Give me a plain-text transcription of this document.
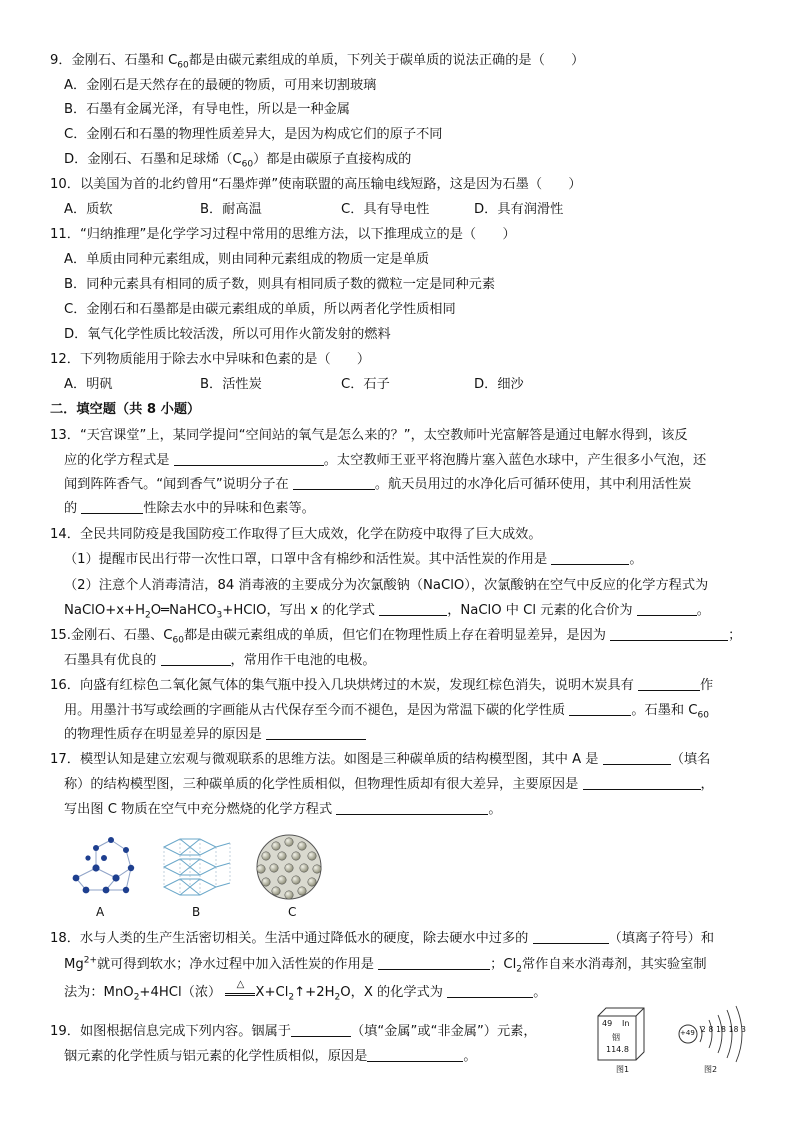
9．金刚石、石墨和 $C_{60}$都是由碳元素组成的单质，下列关于碳单质的说法正确的是（　　）
A．金刚石是天然存在的最硬的物质，可用来切割玻璃
B．石墨有金属光泽，有导电性，所以是一种金属
C．金刚石和石墨的物理性质差异大，是因为构成它们的原子不同
D．金刚石、石墨和足球烯$(C_{60})$都是由碳原子直接构成的
10．以美国为首的北约曾用“石墨炸弹”使南联盟的高压输电线短路，这是因为石墨（　　）
A．质软	B．耐高温	C．具有导电性	D．具有润滑性
11．“归纳推理”是化学学习过程中常用的思维方法，以下推理成立的是（　　）
A．单质由同种元素组成，则由同种元素组成的物质一定是单质
B．同种元素具有相同的质子数，则具有相同质子数的微粒一定是同种元素
C．金刚石和石墨都是由碳元素组成的单质，所以两者化学性质相同
D．氧气化学性质比较活泼，所以可用作火箭发射的燃料
12．下列物质能用于除去水中异味和色素的是（　　）
A．明矾	B．活性炭	C．石子	D．细沙
二．填空题（共 8 小题）
13．“天宫课堂”上，某同学提问“空间站的氧气是怎么来的？”，太空教师叶光富解答是通过电解水得到，该反
应的化学方程式是	。太空教师王亚平将泡腾片塞入蓝色水球中，产生很多小气泡，还
闻到阵阵香气。“闻到香气”说明分子在	。航天员用过的水净化后可循环使用，其中利用活性炭
的	性除去水中的异味和色素等。
14．全民共同防疫是我国防疫工作取得了巨大成效，化学在防疫中取得了巨大成效。
（1）提醒市民出行带一次性口罩，口罩中含有棉纱和活性炭。其中活性炭的作用是	。
（2）注意个人消毒清洁，84 消毒液的主要成分为次氯酸钠（NaClO），次氯酸钠在空气中反应的化学方程式为
$NaClO+x+H_2O═NaHCO_3+HClO$，写出 x 的化学式	，NaClO 中 Cl 元素的化合价为	。
15.金刚石、石墨、$C_{60}$都是由碳元素组成的单质，但它们在物理性质上存在着明显差异，是因为	；
石墨具有优良的	，常用作干电池的电极。
16．向盛有红棕色二氧化氮气体的集气瓶中投入几块烘烤过的木炭，发现红棕色消失，说明木炭具有	作
用。用墨汁书写或绘画的字画能从古代保存至今而不褪色，是因为常温下碳的化学性质	。石墨和 $C_{60}$
的物理性质存在明显差异的原因是
17．模型认知是建立宏观与微观联系的思维方法。如图是三种碳单质的结构模型图，其中 A 是	（填名
称）的结构模型图，三种碳单质的化学性质相似，但物理性质却有很大差异，主要原因是	，
写出图 C 物质在空气中充分燃烧的化学方程式	。
A	B	C
18．水与人类的生产生活密切相关。生活中通过降低水的硬度，除去硬水中过多的	（填离子符号）和
$Mg^{2+}$就可得到软水；净水过程中加入活性炭的作用是	；$Cl_2$常作自来水消毒剂，其实验室制
法为：MnO$_2$+4HCl（浓）
△
$X+Cl_2↑+2H_2O$，X 的化学式为	。
19．如图根据信息完成下列内容。铟属于	（填“金属”或“非金属”）元素，
铟元素的化学性质与铝元素的化学性质相似，原因是	。
49 In
铟
114.8
图1
+49 2 8 18 18 3
图2
